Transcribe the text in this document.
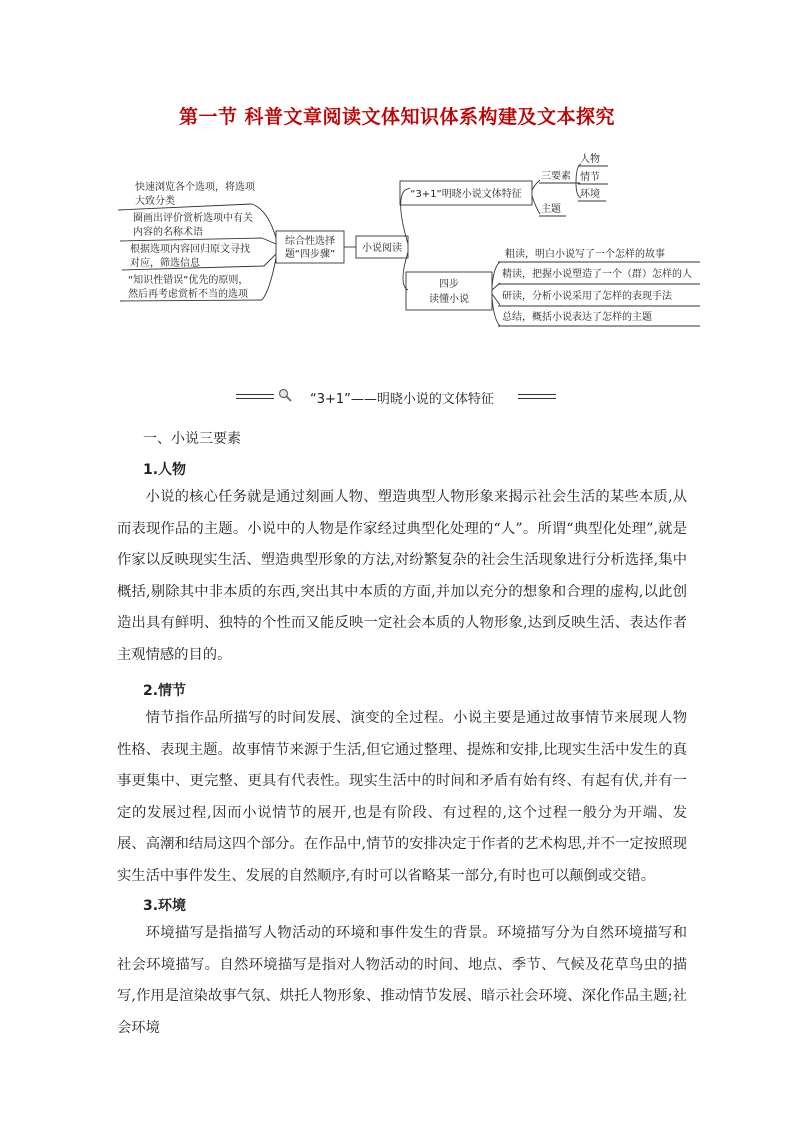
第一节 科普文章阅读文体知识体系构建及文本探究
快速浏览各个选项，将选项
大致分类
圈画出评价赏析选项中有关
内容的名称术语
根据选项内容回归原文寻找
对应，筛选信息
“知识性错误”优先的原则，
然后再考虑赏析不当的选项
综合性选择
题“四步骤”
小说阅读
“3+1”明晓小说文体特征
三要素
人物
情节
环境
主题
四步
读懂小说
粗读，明白小说写了一个怎样的故事
精读，把握小说塑造了一个（群）怎样的人
研读，分析小说采用了怎样的表现手法
总结，概括小说表达了怎样的主题
“3+1”——明晓小说的文体特征
一、小说三要素
1.人物

小说的核心任务就是通过刻画人物、塑造典型人物形象来揭示社会生活的某些本质,从而表现作品的主题。小说中的人物是作家经过典型化处理的“人”。所谓“典型化处理”,就是作家以反映现实生活、塑造典型形象的方法,对纷繁复杂的社会生活现象进行分析选择,集中概括,剔除其中非本质的东西,突出其中本质的方面,并加以充分的想象和合理的虚构,以此创造出具有鲜明、独特的个性而又能反映一定社会本质的人物形象,达到反映生活、表达作者主观情感的目的。

2.情节

情节指作品所描写的时间发展、演变的全过程。小说主要是通过故事情节来展现人物性格、表现主题。故事情节来源于生活,但它通过整理、提炼和安排,比现实生活中发生的真事更集中、更完整、更具有代表性。现实生活中的时间和矛盾有始有终、有起有伏,并有一定的发展过程,因而小说情节的展开,也是有阶段、有过程的,这个过程一般分为开端、发展、高潮和结局这四个部分。在作品中,情节的安排决定于作者的艺术构思,并不一定按照现实生活中事件发生、发展的自然顺序,有时可以省略某一部分,有时也可以颠倒或交错。

3.环境

环境描写是指描写人物活动的环境和事件发生的背景。环境描写分为自然环境描写和社会环境描写。自然环境描写是指对人物活动的时间、地点、季节、气候及花草鸟虫的描写,作用是渲染故事气氛、烘托人物形象、推动情节发展、暗示社会环境、深化作品主题;社会环境
